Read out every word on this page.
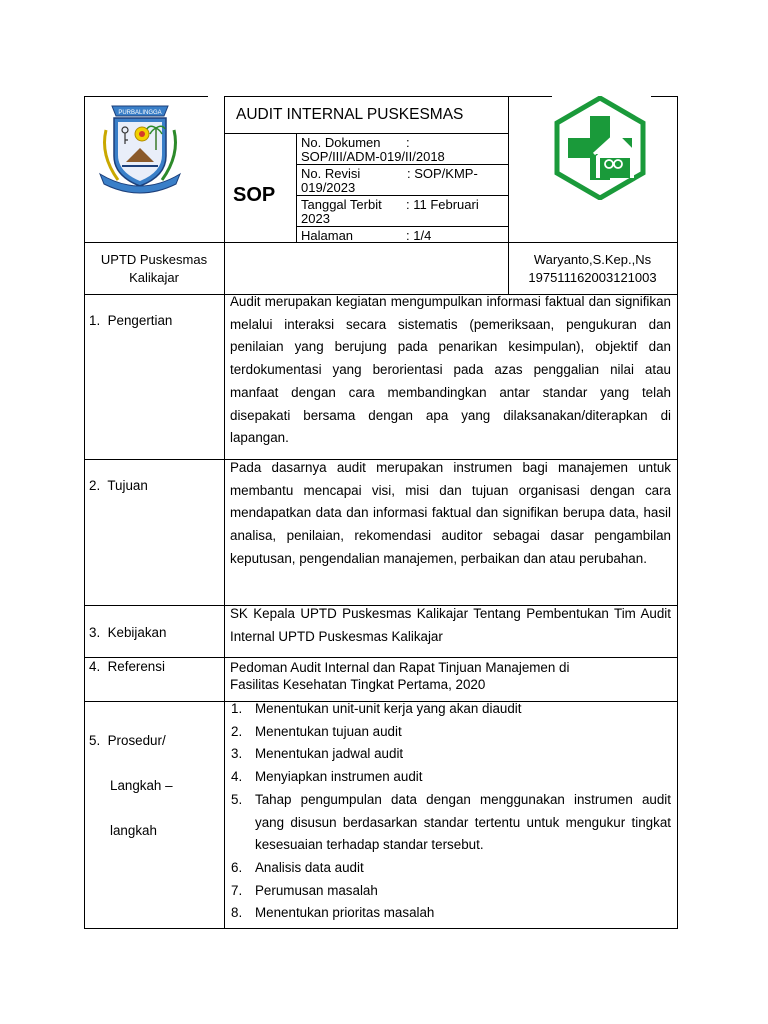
PURBALINGGA	AUDIT INTERNAL PUSKESMAS
SOP
No. Dokumen :
SOP/III/ADM-019/II/2018
No. Revisi	: SOP/KMP-
019/2023
Tanggal Terbit : 11 Februari
2023
Halaman	: 1/4
UPTD Puskesmas
Kalikajar
Waryanto,S.Kep.,Ns
197511162003121003
1.  Pengertian
Audit merupakan kegiatan mengumpulkan informasi faktual dan signifikan melalui interaksi secara sistematis (pemeriksaan, pengukuran dan penilaian yang berujung pada penarikan kesimpulan), objektif dan terdokumentasi yang berorientasi pada azas penggalian nilai atau manfaat dengan cara membandingkan antar standar yang telah disepakati bersama dengan apa yang dilaksanakan/diterapkan di lapangan.
2.  Tujuan
Pada dasarnya audit merupakan instrumen bagi manajemen untuk membantu mencapai visi, misi dan tujuan organisasi dengan cara mendapatkan data dan informasi faktual dan signifikan berupa data, hasil analisa, penilaian, rekomendasi auditor sebagai dasar pengambilan keputusan, pengendalian manajemen, perbaikan dan atau perubahan.
3.  Kebijakan
SK Kepala UPTD Puskesmas Kalikajar Tentang Pembentukan Tim Audit Internal UPTD Puskesmas Kalikajar
4.  Referensi	Pedoman Audit Internal dan Rapat Tinjuan Manajemen di
Fasilitas Kesehatan Tingkat Pertama, 2020

5.  Prosedur/

Langkah –

langkah

1. Menentukan unit-unit kerja yang akan diaudit
2. Menentukan tujuan audit
3. Menentukan jadwal audit
4. Menyiapkan instrumen audit
5. Tahap pengumpulan data dengan menggunakan instrumen audit yang disusun berdasarkan standar tertentu untuk mengukur tingkat kesesuaian terhadap standar tersebut.
6. Analisis data audit
7. Perumusan masalah
8. Menentukan prioritas masalah
